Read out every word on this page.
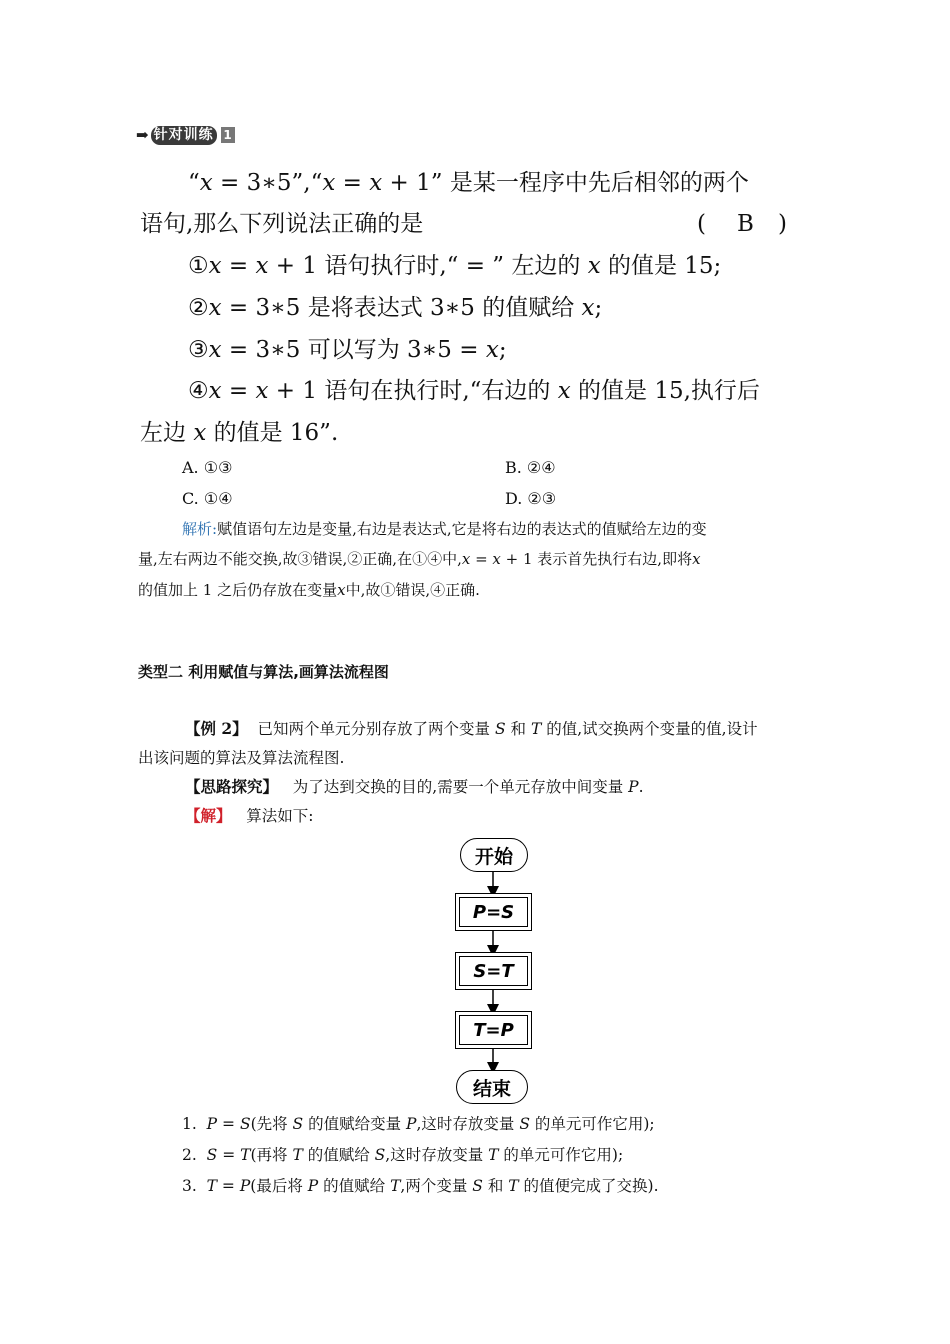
➡ 针对训练 1
“x = 3∗5”,“x = x + 1” 是某一程序中先后相邻的两个
语句,那么下列说法正确的是	( B )
①x = x + 1 语句执行时,“ = ” 左边的 x 的值是 15;
②x = 3∗5 是将表达式 3∗5 的值赋给 x;
③x = 3∗5 可以写为 3∗5 = x;
④x = x + 1 语句在执行时,“右边的 x 的值是 15,执行后
左边 x 的值是 16”.
A. ①③	B. ②④
C. ①④	D. ②③
解析:赋值语句左边是变量,右边是表达式,它是将右边的表达式的值赋给左边的变
量,左右两边不能交换,故③错误,②正确,在①④中,x = x + 1 表示首先执行右边,即将x
的值加上 1 之后仍存放在变量x中,故①错误,④正确.
类型二 利用赋值与算法,画算法流程图
【例 2】 已知两个单元分别存放了两个变量 S 和 T 的值,试交换两个变量的值,设计
出该问题的算法及算法流程图.
【思路探究】 为了达到交换的目的,需要一个单元存放中间变量 P.
【解】 算法如下:
开始
P=S
S=T
T=P
结束
1. P = S(先将 S 的值赋给变量 P,这时存放变量 S 的单元可作它用);
2. S = T(再将 T 的值赋给 S,这时存放变量 T 的单元可作它用);
3. T = P(最后将 P 的值赋给 T,两个变量 S 和 T 的值便完成了交换).
